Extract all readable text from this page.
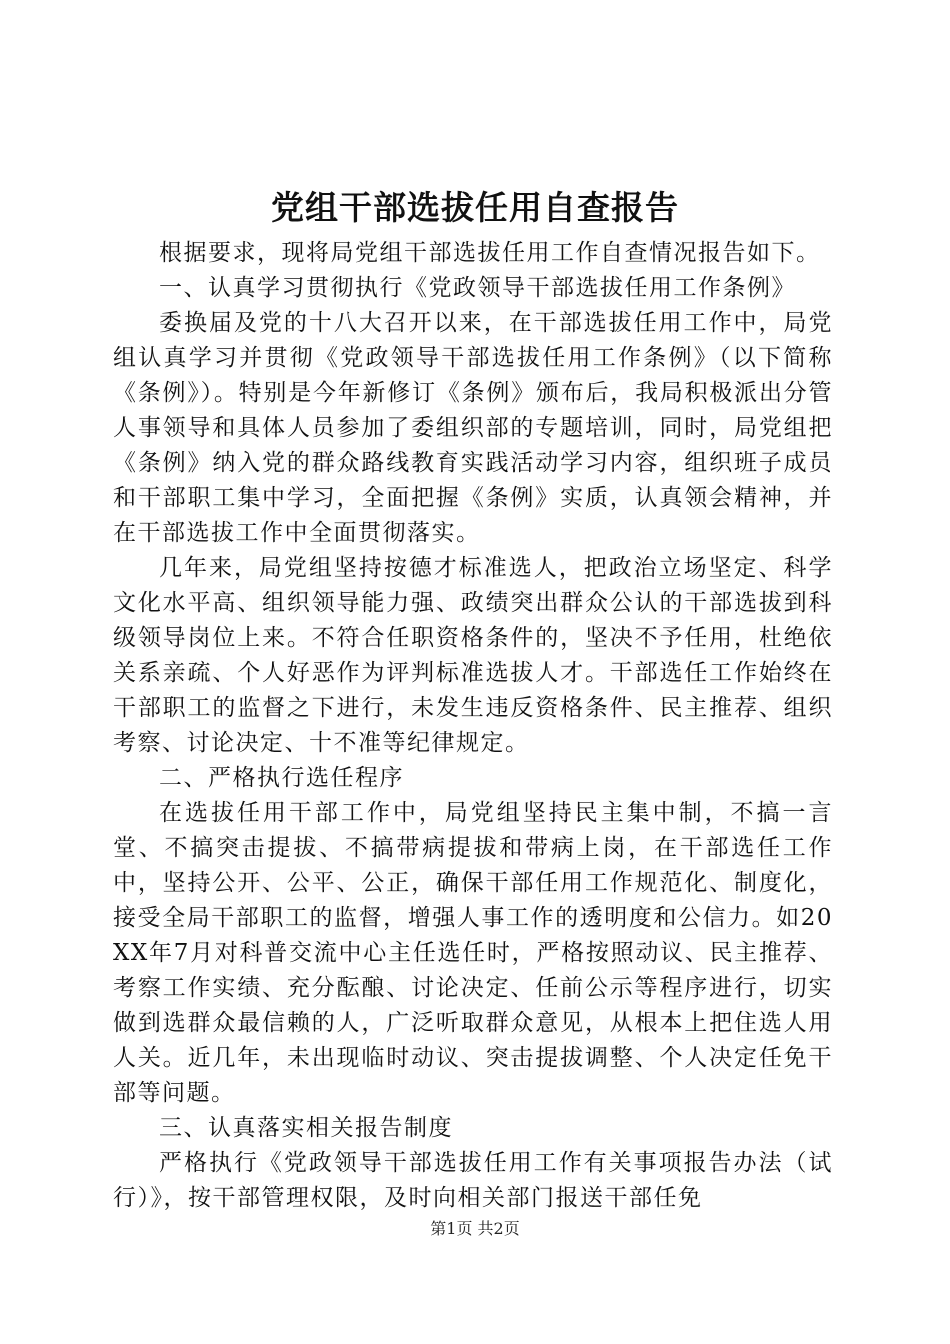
党组干部选拔任用自查报告

根据要求，现将局党组干部选拔任用工作自查情况报告如下。

一、认真学习贯彻执行《党政领导干部选拔任用工作条例》

委换届及党的十八大召开以来，在干部选拔任用工作中，局党组认真学习并贯彻《党政领导干部选拔任用工作条例》（以下简称《条例》）。特别是今年新修订《条例》颁布后，我局积极派出分管人事领导和具体人员参加了委组织部的专题培训，同时，局党组把《条例》纳入党的群众路线教育实践活动学习内容，组织班子成员和干部职工集中学习，全面把握《条例》实质，认真领会精神，并在干部选拔工作中全面贯彻落实。

几年来，局党组坚持按德才标准选人，把政治立场坚定、科学文化水平高、组织领导能力强、政绩突出群众公认的干部选拔到科级领导岗位上来。不符合任职资格条件的，坚决不予任用，杜绝依关系亲疏、个人好恶作为评判标准选拔人才。干部选任工作始终在干部职工的监督之下进行，未发生违反资格条件、民主推荐、组织考察、讨论决定、十不准等纪律规定。

二、严格执行选任程序

在选拔任用干部工作中，局党组坚持民主集中制，不搞一言堂、不搞突击提拔、不搞带病提拔和带病上岗，在干部选任工作中，坚持公开、公平、公正，确保干部任用工作规范化、制度化，接受全局干部职工的监督，增强人事工作的透明度和公信力。如20XX年7月对科普交流中心主任选任时，严格按照动议、民主推荐、考察工作实绩、充分酝酿、讨论决定、任前公示等程序进行，切实做到选群众最信赖的人，广泛听取群众意见，从根本上把住选人用人关。近几年，未出现临时动议、突击提拔调整、个人决定任免干部等问题。

三、认真落实相关报告制度

严格执行《党政领导干部选拔任用工作有关事项报告办法（试行）》，按干部管理权限，及时向相关部门报送干部任免

第1页 共2页
